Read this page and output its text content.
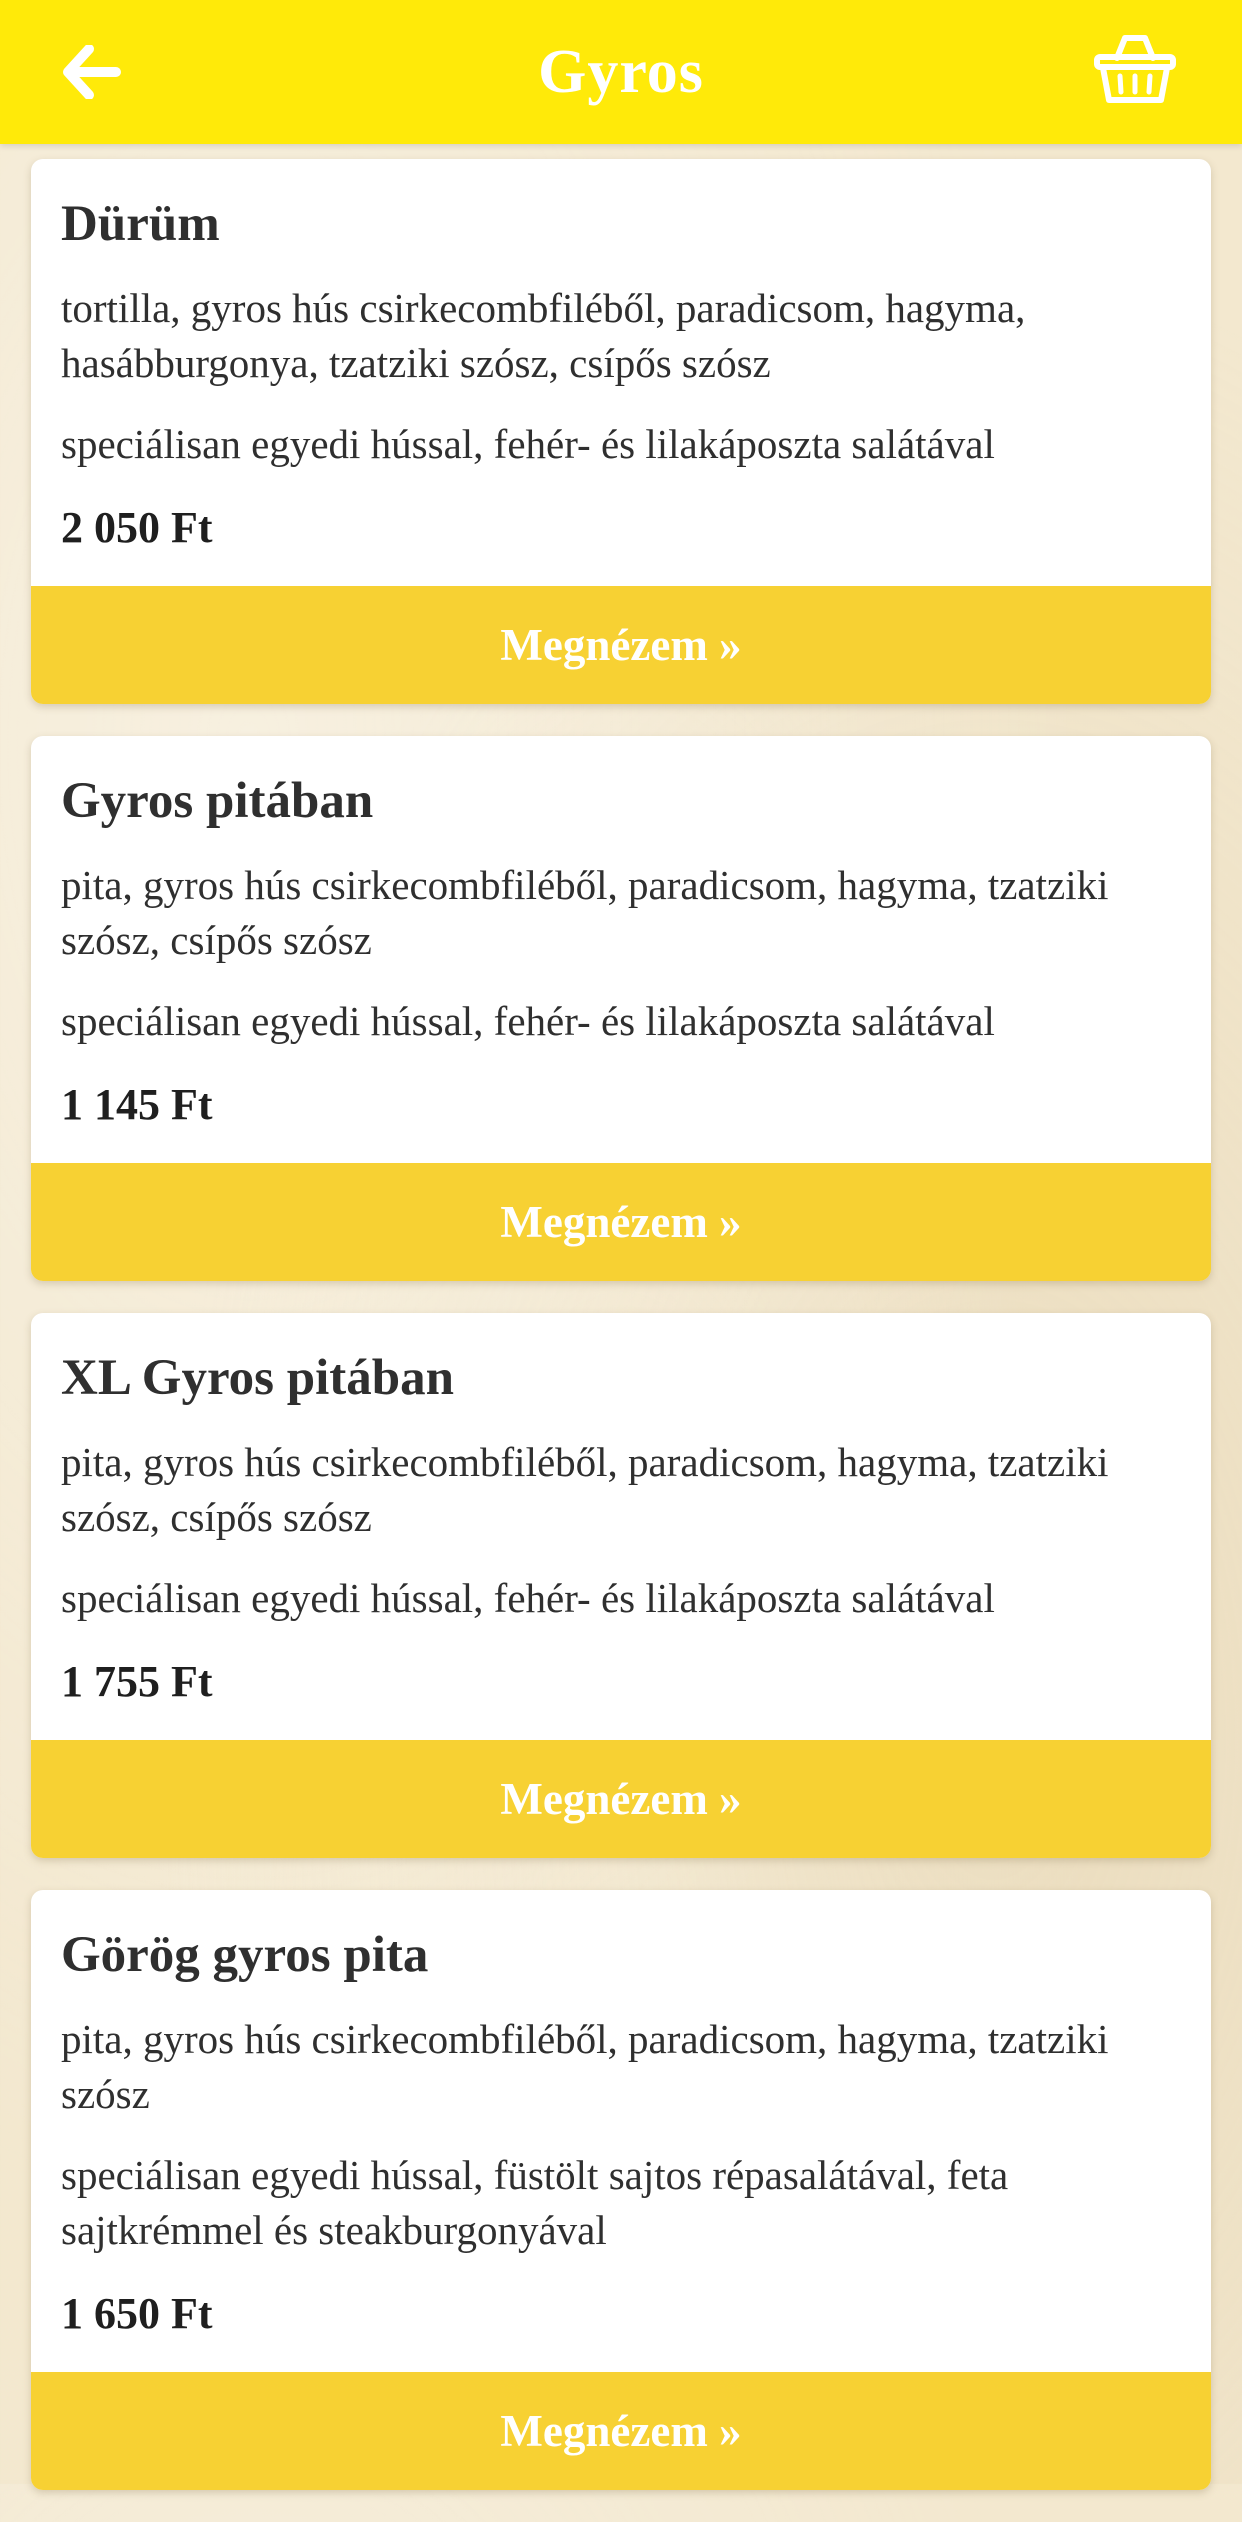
Gyros
Dürüm
tortilla, gyros hús csirkecombfiléből, paradicsom, hagyma, hasábburgonya, tzatziki szósz, csípős szósz
speciálisan egyedi hússal, fehér- és lilakáposzta salátával
2 050 Ft
Megnézem »
Gyros pitában
pita, gyros hús csirkecombfiléből, paradicsom, hagyma, tzatziki szósz, csípős szósz
speciálisan egyedi hússal, fehér- és lilakáposzta salátával
1 145 Ft
Megnézem »
XL Gyros pitában
pita, gyros hús csirkecombfiléből, paradicsom, hagyma, tzatziki szósz, csípős szósz
speciálisan egyedi hússal, fehér- és lilakáposzta salátával
1 755 Ft
Megnézem »
Görög gyros pita
pita, gyros hús csirkecombfiléből, paradicsom, hagyma, tzatziki szósz
speciálisan egyedi hússal, füstölt sajtos répasalátával, feta sajtkrémmel és steakburgonyával
1 650 Ft
Megnézem »
